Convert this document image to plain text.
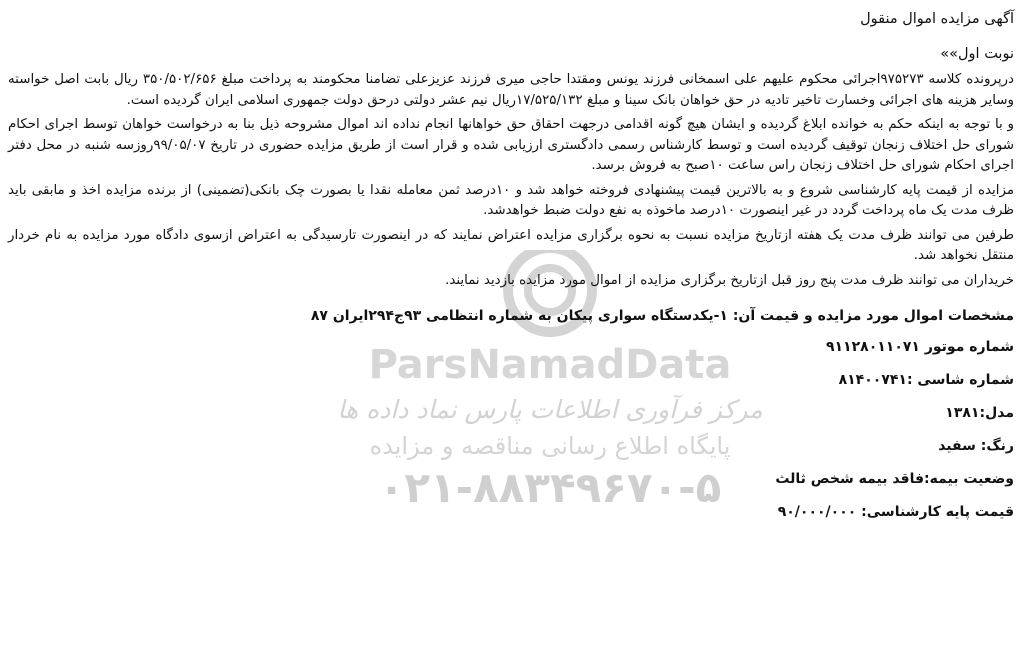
ParsNamadData
مرکز فرآوری اطلاعات پارس نماد داده ها
پایگاه اطلاع رسانی مناقصه و مزایده
۰۲۱-۸۸۳۴۹۶۷۰-۵
آگهی مزایده اموال منقول
نوبت اول»»

درپرونده کلاسه ۹۷۵۲۷۳اجرائی محکوم علیهم علی اسمخانی فرزند یونس ومقتدا حاجی میری فرزند عزیزعلی تضامنا محکومند به پرداخت مبلغ ۳۵۰/۵۰۲/۶۵۶ ریال بابت اصل خواسته وسایر هزینه های اجرائی وخسارت تاخیر تادیه در حق خواهان بانک سینا و مبلغ ۱۷/۵۲۵/۱۳۲ریال نیم عشر دولتی درحق دولت جمهوری اسلامی ایران گردیده است.

و با توجه به اینکه حکم به خوانده ابلاغ گردیده و ایشان هیچ گونه اقدامی درجهت احقاق حق خواهانها انجام نداده اند اموال مشروحه ذیل بنا به درخواست خواهان توسط اجرای احکام شورای حل اختلاف زنجان توقیف گردیده است و توسط کارشناس رسمی دادگستری ارزیابی شده و قرار است از طریق مزایده حضوری در تاریخ ۹۹/۰۵/۰۷روزسه شنبه در محل دفتر اجرای احکام شورای حل اختلاف زنجان راس ساعت ۱۰صبح به فروش برسد.

مزایده از قیمت پایه کارشناسی شروع و به بالاترین قیمت پیشنهادی فروخته خواهد شد و ۱۰درصد ثمن معامله نقدا یا بصورت چک بانکی(تضمینی) از برنده مزایده اخذ و مابقی باید ظرف مدت یک ماه پرداخت گردد در غیر اینصورت ۱۰درصد ماخوذه به نفع دولت ضبط خواهدشد.

طرفین می توانند ظرف مدت یک هفته ازتاریخ مزایده نسبت به نحوه برگزاری مزایده اعتراض نمایند که در اینصورت تارسیدگی به اعتراض ازسوی دادگاه مورد مزایده به نام خردار منتقل نخواهد شد.

خریداران می توانند ظرف مدت پنج روز قبل ازتاریخ برگزاری مزایده از اموال مورد مزایده بازدید نمایند.

مشخصات اموال مورد مزایده و قیمت آن: ۱-یکدستگاه سواری پیکان به شماره انتظامی ۹۳ج۲۹۴ایران ۸۷
شماره موتور ۹۱۱۲۸۰۱۱۰۷۱
شماره شاسی :۸۱۴۰۰۷۴۱
مدل:۱۳۸۱
رنگ: سفید
وضعیت بیمه:فاقد بیمه شخص ثالث
قیمت پایه کارشناسی: ۹۰/۰۰۰/۰۰۰
